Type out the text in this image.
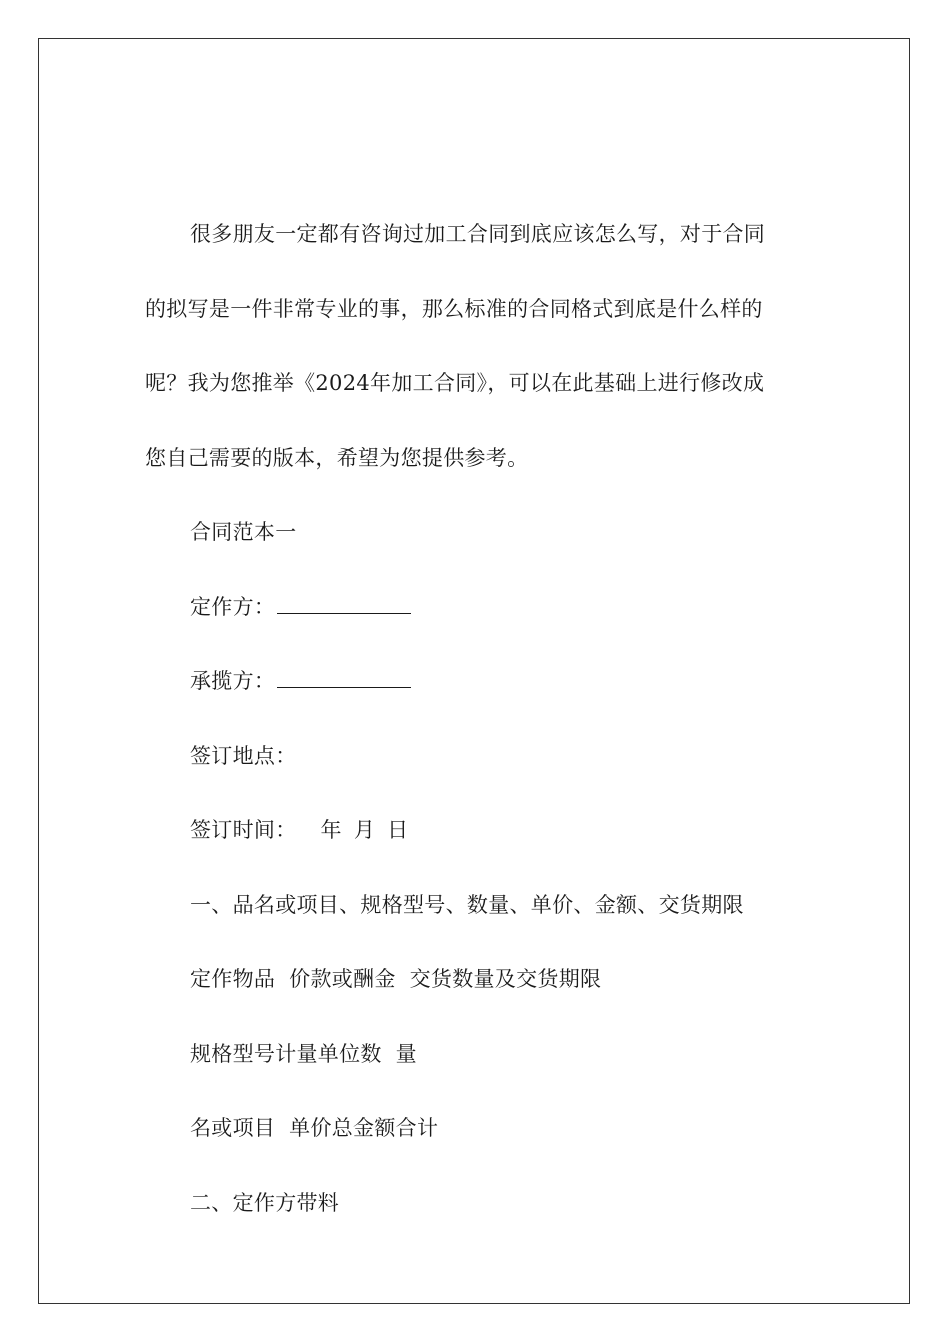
很多朋友一定都有咨询过加工合同到底应该怎么写，对于合同

的拟写是一件非常专业的事，那么标准的合同格式到底是什么样的

呢？我为您推举《2024年加工合同》，可以在此基础上进行修改成

您自己需要的版本，希望为您提供参考。

合同范本一
定作方：
承揽方：
签订地点：
签订时间： 年 月 日
一、品名或项目、规格型号、数量、单价、金额、交货期限
定作物品  价款或酬金  交货数量及交货期限
规格型号计量单位数  量
名或项目  单价总金额合计
二、定作方带料
